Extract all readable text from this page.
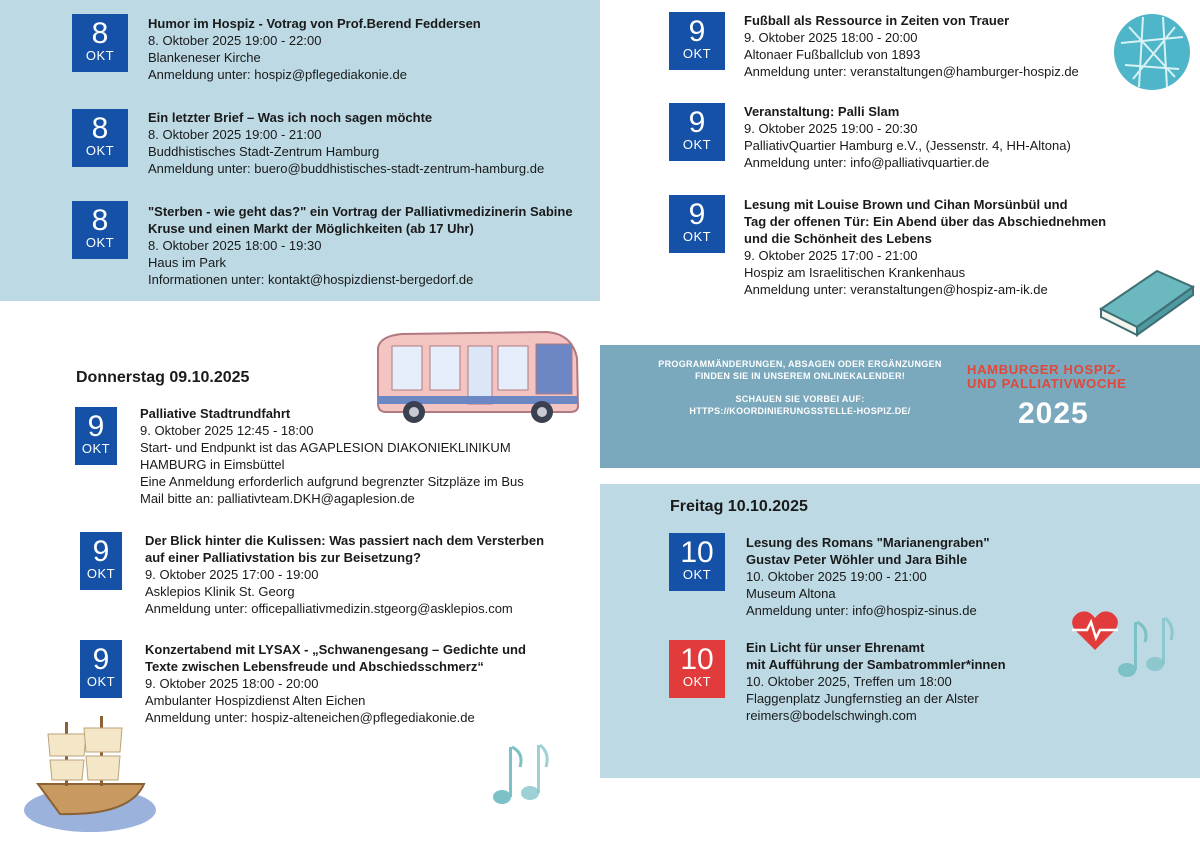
8
OKT
Humor im Hospiz - Votrag von Prof.Berend Feddersen
8. Oktober 2025 19:00 - 22:00
Blankeneser Kirche
Anmeldung unter: hospiz@pflegediakonie.de
8
OKT
Ein letzter Brief – Was ich noch sagen möchte
8. Oktober 2025 19:00 - 21:00
Buddhistisches Stadt-Zentrum Hamburg
Anmeldung unter: buero@buddhistisches-stadt-zentrum-hamburg.de
8
OKT
"Sterben - wie geht das?" ein Vortrag der Palliativmedizinerin Sabine
Kruse und einen Markt der Möglichkeiten (ab 17 Uhr)
8. Oktober 2025 18:00 - 19:30
Haus im Park
Informationen unter: kontakt@hospizdienst-bergedorf.de
Donnerstag 09.10.2025
9
OKT
Palliative Stadtrundfahrt
9. Oktober 2025 12:45 - 18:00
Start- und Endpunkt ist das AGAPLESION DIAKONIEKLINIKUM
HAMBURG in Eimsbüttel
Eine Anmeldung erforderlich aufgrund begrenzter Sitzpläze im Bus
Mail bitte an: palliativteam.DKH@agaplesion.de
9
OKT
Der Blick hinter die Kulissen: Was passiert nach dem Versterben
auf einer Palliativstation bis zur Beisetzung?
9. Oktober 2025 17:00 - 19:00
Asklepios Klinik St. Georg
Anmeldung unter: officepalliativmedizin.stgeorg@asklepios.com
9
OKT
Konzertabend mit LYSAX - „Schwanengesang – Gedichte und
Texte zwischen Lebensfreude und Abschiedsschmerz“
9. Oktober 2025 18:00 - 20:00
Ambulanter Hospizdienst Alten Eichen
Anmeldung unter: hospiz-alteneichen@pflegediakonie.de
9
OKT
Fußball als Ressource in Zeiten von Trauer
9. Oktober 2025 18:00 - 20:00
Altonaer Fußballclub von 1893
Anmeldung unter: veranstaltungen@hamburger-hospiz.de
9
OKT
Veranstaltung: Palli Slam
9. Oktober 2025 19:00 - 20:30
PalliativQuartier Hamburg e.V., (Jessenstr. 4, HH-Altona)
Anmeldung unter: info@palliativquartier.de
9
OKT
Lesung mit Louise Brown und Cihan Morsünbül und
Tag der offenen Tür: Ein Abend über das Abschiednehmen
und die Schönheit des Lebens
9. Oktober 2025 17:00 - 21:00
Hospiz am Israelitischen Krankenhaus
Anmeldung unter: veranstaltungen@hospiz-am-ik.de
PROGRAMMÄNDERUNGEN, ABSAGEN ODER ERGÄNZUNGEN
FINDEN SIE IN UNSEREM ONLINEKALENDER!
SCHAUEN SIE VORBEI AUF:
HTTPS://KOORDINIERUNGSSTELLE-HOSPIZ.DE/
HAMBURGER HOSPIZ-
UND PALLIATIVWOCHE
2025
Freitag 10.10.2025
10
OKT
Lesung des Romans "Marianengraben"
Gustav Peter Wöhler und Jara Bihle
10. Oktober 2025 19:00 - 21:00
Museum Altona
Anmeldung unter: info@hospiz-sinus.de
10
OKT
Ein Licht für unser Ehrenamt
mit Aufführung der Sambatrommler*innen
10. Oktober 2025, Treffen um 18:00
Flaggenplatz Jungfernstieg an der Alster
reimers@bodelschwingh.com
